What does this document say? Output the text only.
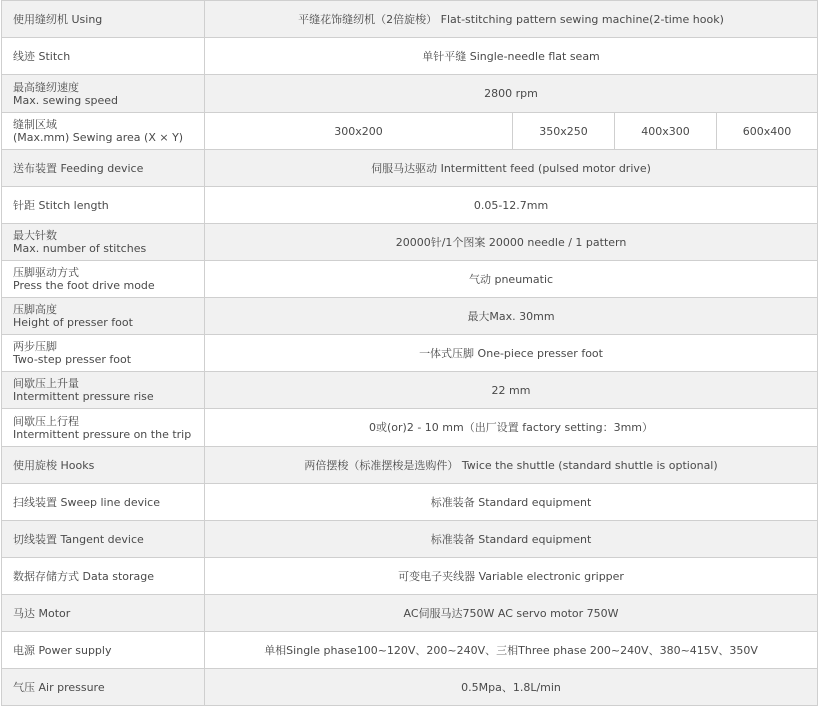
使用缝纫机 Using	平缝花饰缝纫机（2倍旋梭） Flat-stitching pattern sewing machine(2-time hook)			
线迹 Stitch	单针平缝 Single-needle flat seam			

最高缝纫速度
Max. sewing speed	2800 rpm			

缝制区域
(Max.mm) Sewing area (X × Y)	300x200	350x250	400x300	600x400
送布装置 Feeding device	伺服马达驱动 Intermittent feed (pulsed motor drive)			
针距 Stitch length	0.05-12.7mm			

最大针数
Max. number of stitches	20000针/1个图案 20000 needle / 1 pattern			

压脚驱动方式
Press the foot drive mode	气动 pneumatic			

压脚高度
Height of presser foot	最大Max. 30mm			

两步压脚
Two-step presser foot	一体式压脚 One-piece presser foot			

间歇压上升量
Intermittent pressure rise	22 mm			

间歇压上行程
Intermittent pressure on the trip	0或(or)2 - 10 mm（出厂设置 factory setting：3mm）			
使用旋梭 Hooks	两倍摆梭（标准摆梭是选购件） Twice the shuttle (standard shuttle is optional)			
扫线装置 Sweep line device	标准装备 Standard equipment			
切线装置 Tangent device	标准装备 Standard equipment			
数据存储方式 Data storage	可变电子夹线器 Variable electronic gripper			
马达 Motor	AC伺服马达750W AC servo motor 750W			
电源 Power supply	单相Single phase100~120V、200~240V、三相Three phase 200~240V、380~415V、350V			
气压 Air pressure	0.5Mpa、1.8L/min			
